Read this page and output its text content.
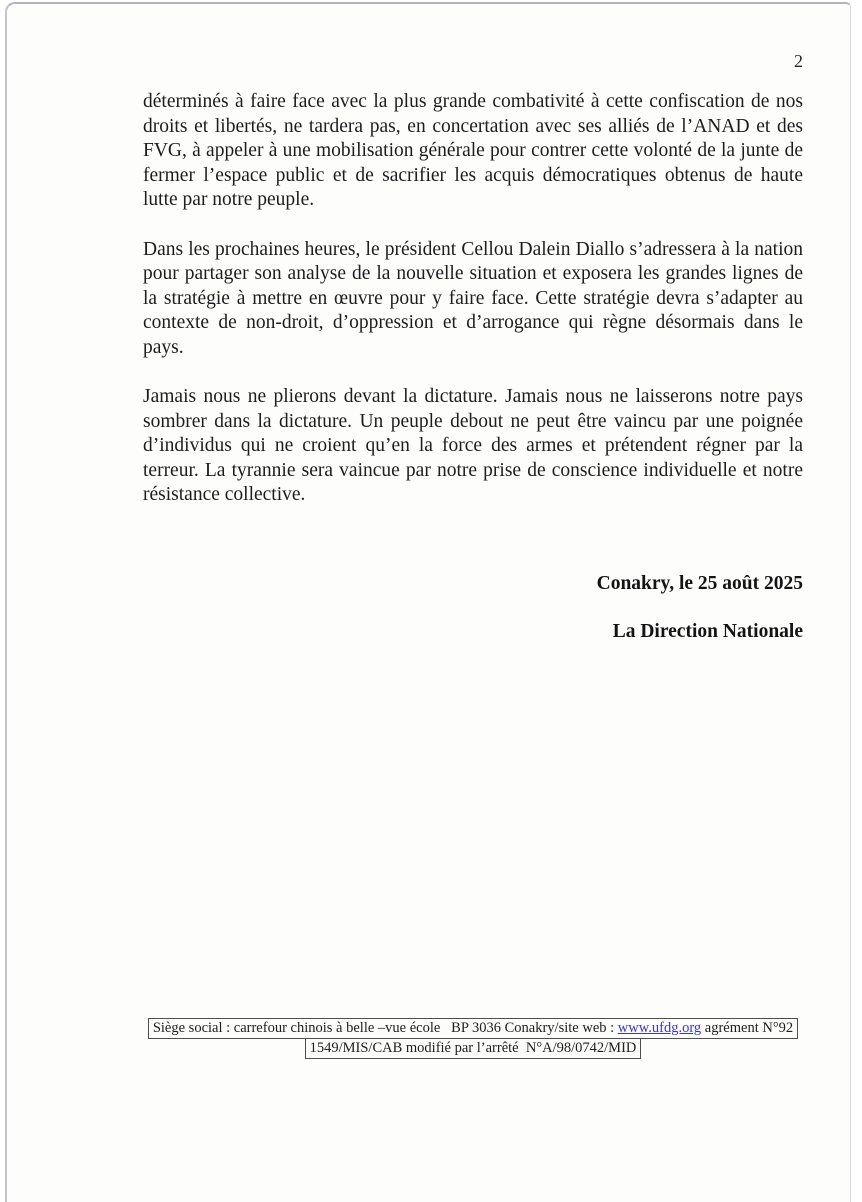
2

déterminés à faire face avec la plus grande combativité à cette confiscation de nos droits et libertés, ne tardera pas, en concertation avec ses alliés de l’ANAD et des FVG, à appeler à une mobilisation générale pour contrer cette volonté de la junte de fermer l’espace public et de sacrifier les acquis démocratiques obtenus de haute lutte par notre peuple.

Dans les prochaines heures, le président Cellou Dalein Diallo s’adressera à la nation pour partager son analyse de la nouvelle situation et exposera les grandes lignes de la stratégie à mettre en œuvre pour y faire face. Cette stratégie devra s’adapter au contexte de non-droit, d’oppression et d’arrogance qui règne désormais dans le pays.

Jamais nous ne plierons devant la dictature. Jamais nous ne laisserons notre pays sombrer dans la dictature. Un peuple debout ne peut être vaincu par une poignée d’individus qui ne croient qu’en la force des armes et prétendent régner par la terreur. La tyrannie sera vaincue par notre prise de conscience individuelle et notre résistance collective.

Conakry, le 25 août 2025
La Direction Nationale
Siège social : carrefour chinois à belle –vue école   BP 3036 Conakry/site web : www.ufdg.org agrément N°92
1549/MIS/CAB modifié par l’arrêté  N°A/98/0742/MID
